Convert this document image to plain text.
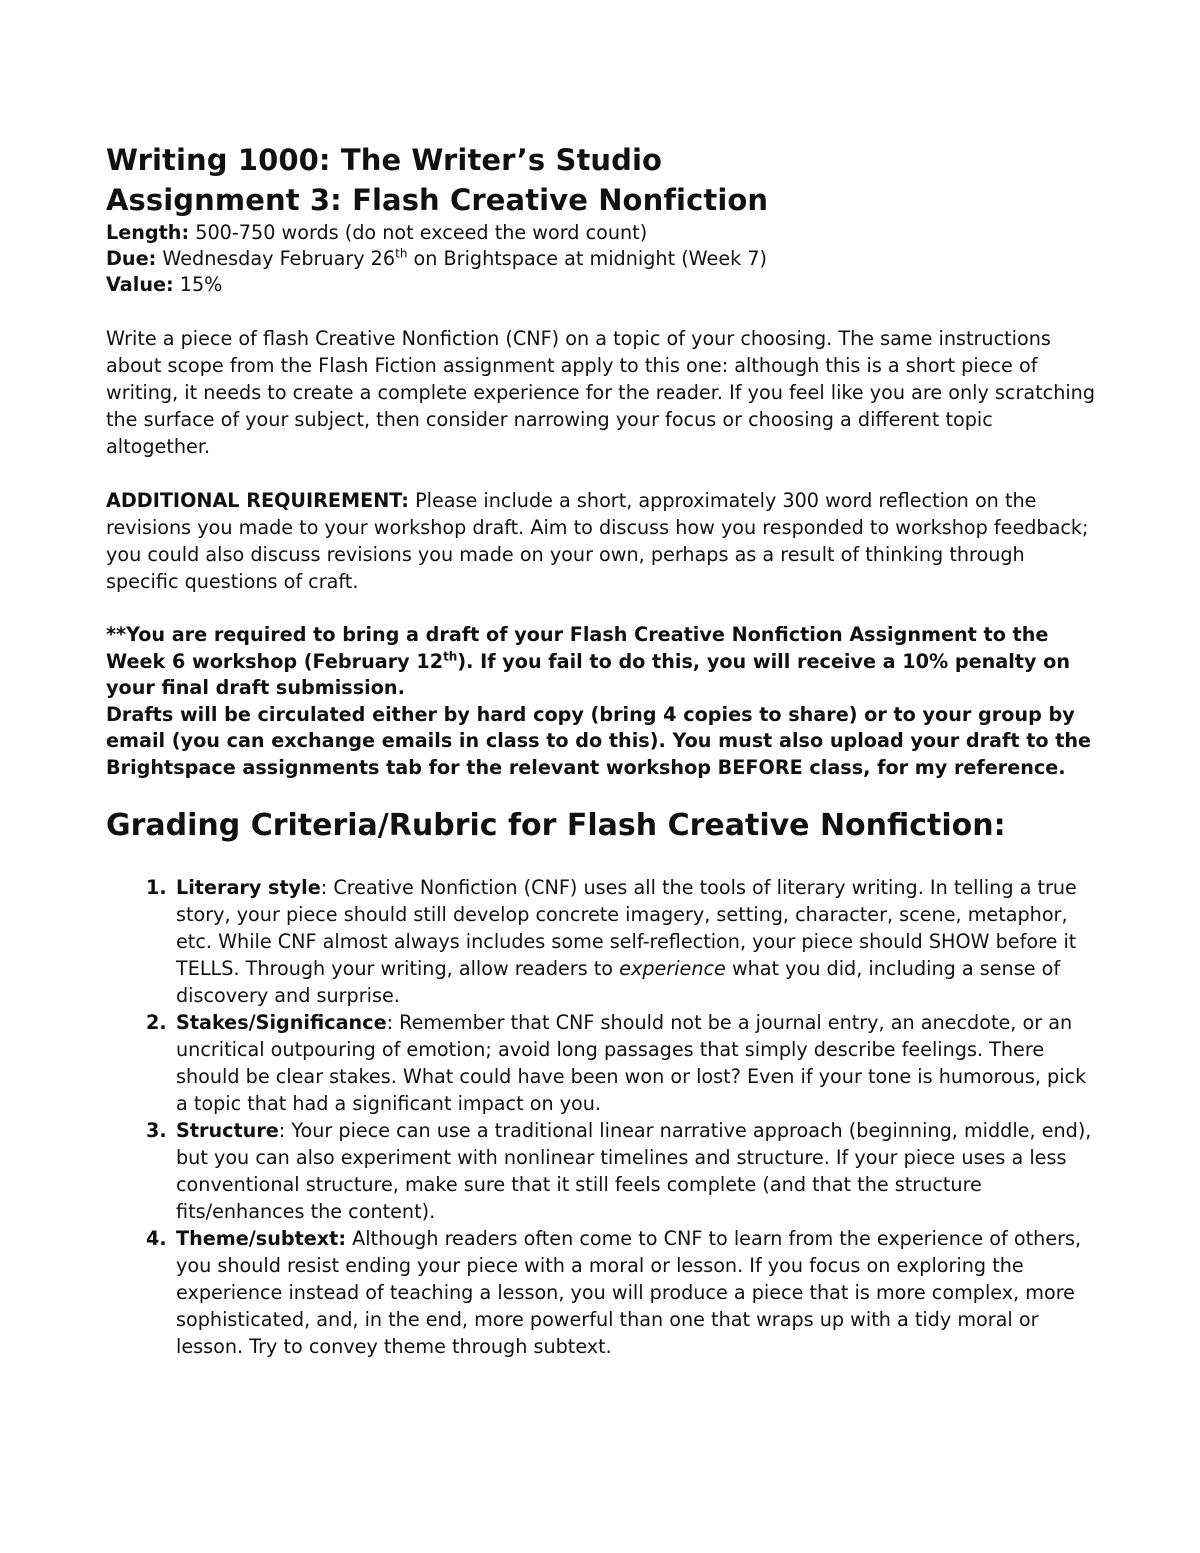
Writing 1000: The Writer’s Studio
Assignment 3: Flash Creative Nonfiction

Length: 500-750 words (do not exceed the word count)

Due: Wednesday February 26th on Brightspace at midnight (Week 7)

Value: 15%

Write a piece of flash Creative Nonfiction (CNF) on a topic of your choosing. The same instructions about scope from the Flash Fiction assignment apply to this one: although this is a short piece of writing, it needs to create a complete experience for the reader. If you feel like you are only scratching the surface of your subject, then consider narrowing your focus or choosing a different topic altogether.

ADDITIONAL REQUIREMENT: Please include a short, approximately 300 word reflection on the revisions you made to your workshop draft. Aim to discuss how you responded to workshop feedback; you could also discuss revisions you made on your own, perhaps as a result of thinking through specific questions of craft.

**You are required to bring a draft of your Flash Creative Nonfiction Assignment to the Week 6 workshop (February 12th). If you fail to do this, you will receive a 10% penalty on your final draft submission.

Drafts will be circulated either by hard copy (bring 4 copies to share) or to your group by email (you can exchange emails in class to do this). You must also upload your draft to the Brightspace assignments tab for the relevant workshop BEFORE class, for my reference.

Grading Criteria/Rubric for Flash Creative Nonfiction:
1. Literary style: Creative Nonfiction (CNF) uses all the tools of literary writing. In telling a true story, your piece should still develop concrete imagery, setting, character, scene, metaphor, etc. While CNF almost always includes some self-reflection, your piece should SHOW before it TELLS. Through your writing, allow readers to experience what you did, including a sense of discovery and surprise.
2. Stakes/Significance: Remember that CNF should not be a journal entry, an anecdote, or an uncritical outpouring of emotion; avoid long passages that simply describe feelings. There should be clear stakes. What could have been won or lost? Even if your tone is humorous, pick a topic that had a significant impact on you.
3. Structure: Your piece can use a traditional linear narrative approach (beginning, middle, end), but you can also experiment with nonlinear timelines and structure. If your piece uses a less conventional structure, make sure that it still feels complete (and that the structure fits/enhances the content).
4. Theme/subtext: Although readers often come to CNF to learn from the experience of others, you should resist ending your piece with a moral or lesson. If you focus on exploring the experience instead of teaching a lesson, you will produce a piece that is more complex, more sophisticated, and, in the end, more powerful than one that wraps up with a tidy moral or lesson. Try to convey theme through subtext.
